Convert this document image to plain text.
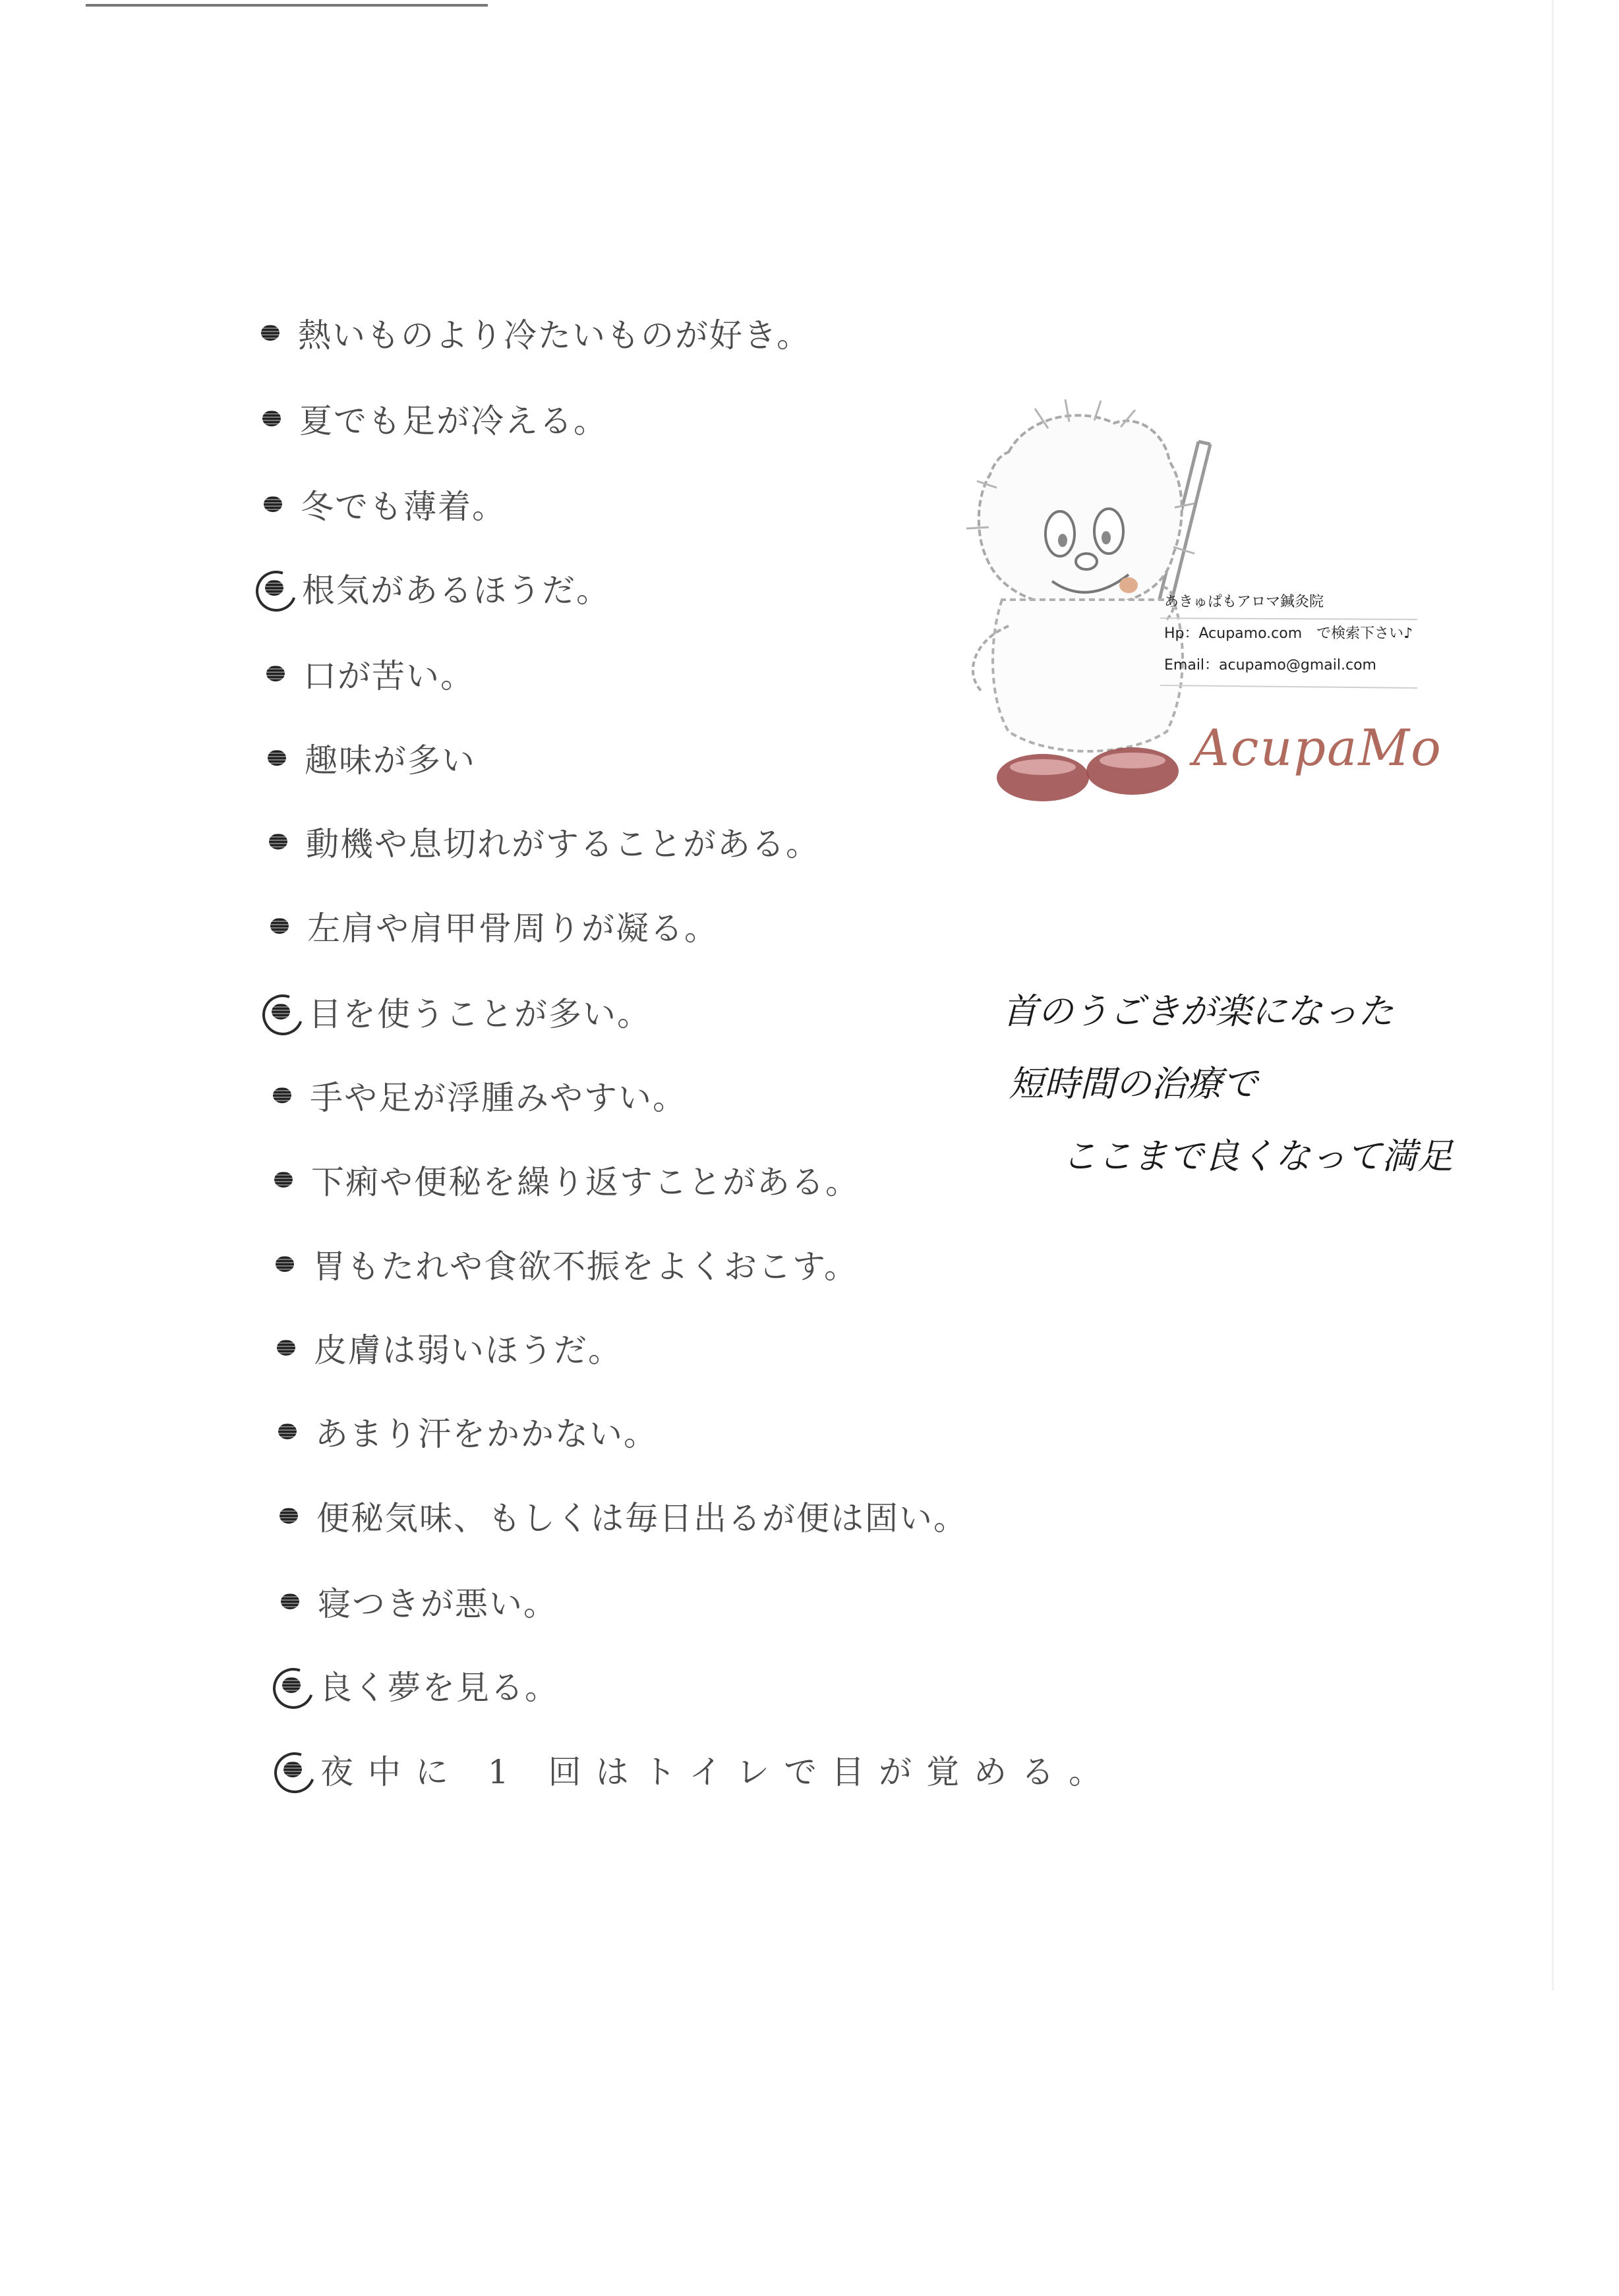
熱いものより冷たいものが好き。
夏でも足が冷える。
冬でも薄着。
根気があるほうだ。
口が苦い。
趣味が多い
動機や息切れがすることがある。
左肩や肩甲骨周りが凝る。
目を使うことが多い。
手や足が浮腫みやすい。
下痢や便秘を繰り返すことがある。
胃もたれや食欲不振をよくおこす。
皮膚は弱いほうだ。
あまり汗をかかない。
便秘気味、もしくは毎日出るが便は固い。
寝つきが悪い。
良く夢を見る。
夜中に 1 回はトイレで目が覚める。
あきゅぱもアロマ鍼灸院
Hp：Acupamo.com　で検索下さい♪
Email：acupamo@gmail.com
AcupaMo
首のうごきが楽になった
短時間の治療で
ここまで良くなって満足
